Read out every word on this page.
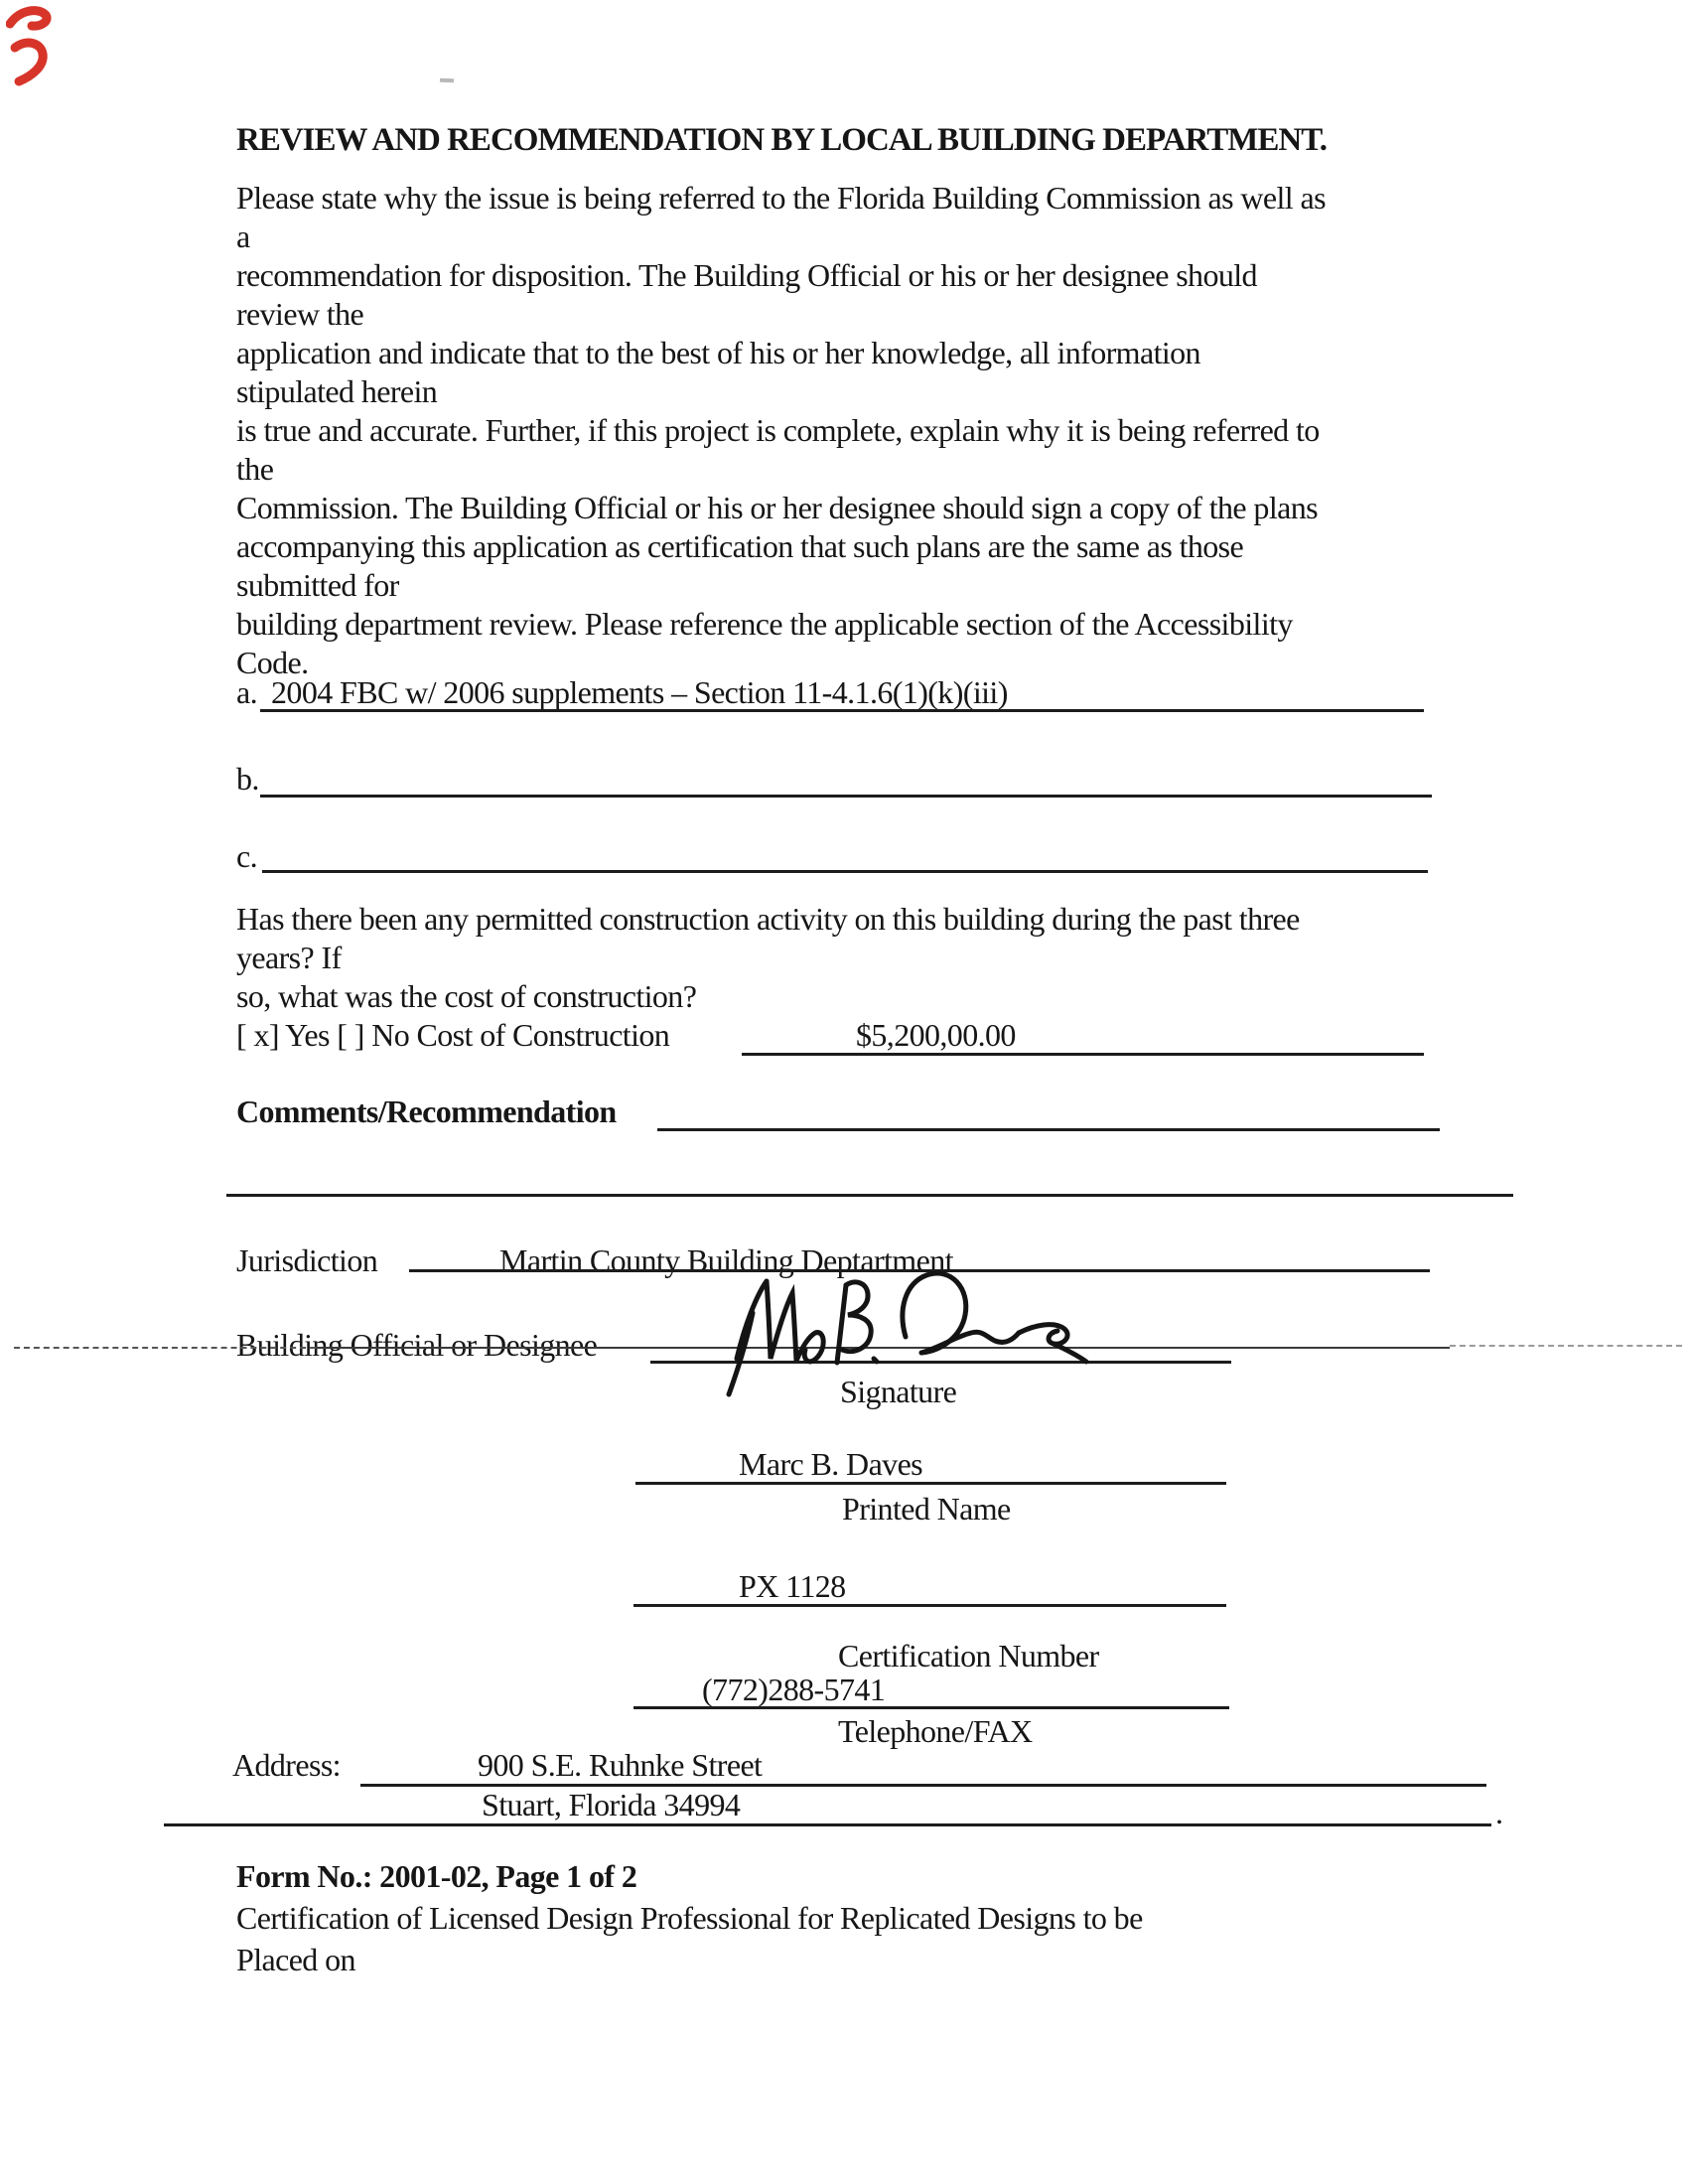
REVIEW AND RECOMMENDATION BY LOCAL BUILDING DEPARTMENT.
Please state why the issue is being referred to the Florida Building Commission as well as
a
recommendation for disposition. The Building Official or his or her designee should
review the
application and indicate that to the best of his or her knowledge, all information
stipulated herein
is true and accurate. Further, if this project is complete, explain why it is being referred to
the
Commission. The Building Official or his or her designee should sign a copy of the plans
accompanying this application as certification that such plans are the same as those
submitted for
building department review. Please reference the applicable section of the Accessibility
Code.
a. 2004 FBC w/ 2006 supplements – Section 11-4.1.6(1)(k)(iii)
b.
c.
Has there been any permitted construction activity on this building during the past three
years? If
so, what was the cost of construction?
[ x] Yes [ ] No Cost of Construction	$5,200,00.00
Comments/Recommendation
Jurisdiction	Martin County Building Deptartment
Building Official or Designee
Signature
Marc B. Daves
Printed Name
PX 1128
Certification Number
(772)288-5741
Telephone/FAX
Address:	900 S.E. Ruhnke Street
Stuart, Florida 34994	.
Form No.: 2001-02, Page 1 of 2
Certification of Licensed Design Professional for Replicated Designs to be
Placed on
